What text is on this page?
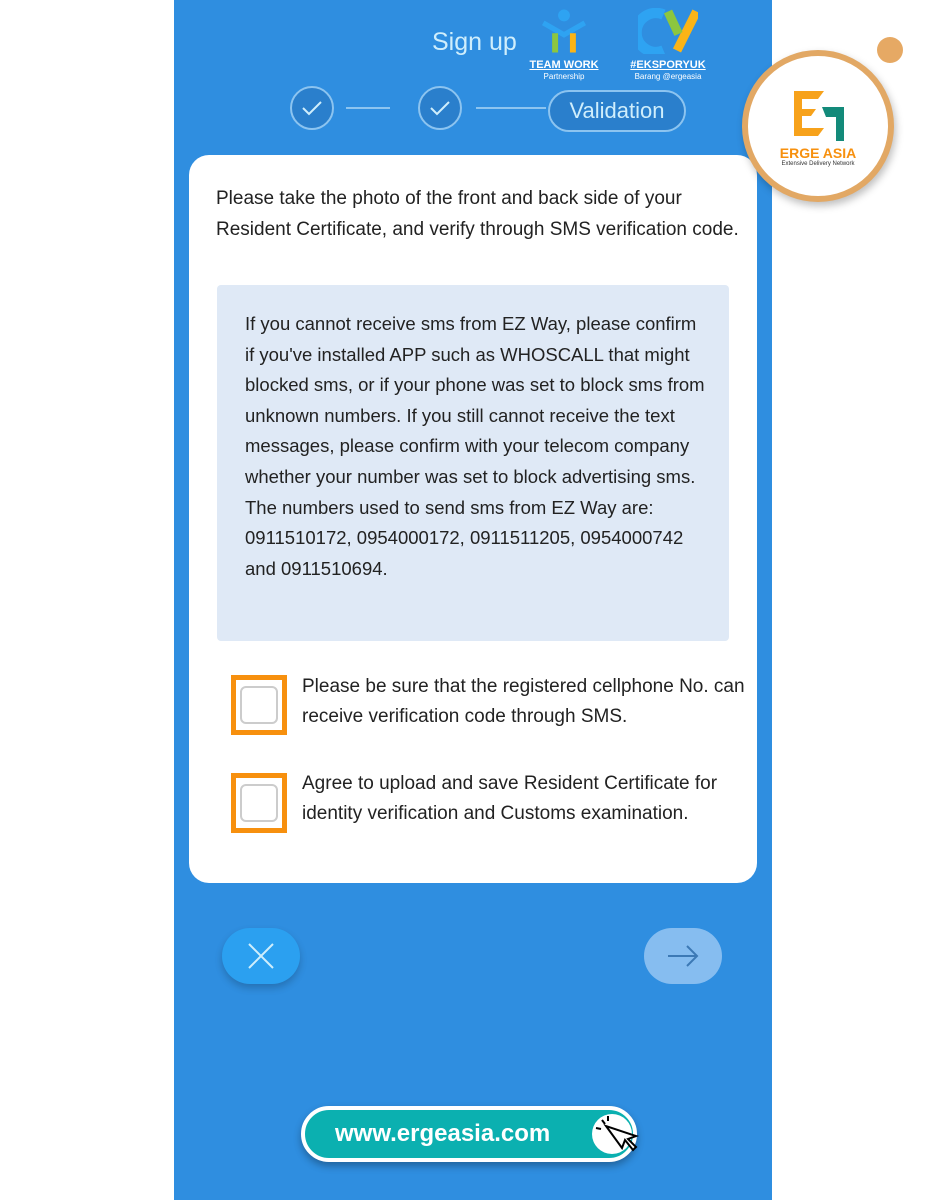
Sign up
Validation
TEAM WORK
Partnership
#EKSPORYUK
Barang @ergeasia
Please take the photo of the front and back side of your Resident Certificate, and verify through SMS verification code.
If you cannot receive sms from EZ Way, please confirm if you've installed APP such as WHOSCALL that might blocked sms, or if your phone was set to block sms from unknown numbers. If you still cannot receive the text messages, please confirm with your telecom company whether your number was set to block advertising sms. The numbers used to send sms from EZ Way are: 0911510172, 0954000172, 0911511205, 0954000742 and 0911510694.
Please be sure that the registered cellphone No. can receive verification code through SMS.
Agree to upload and save Resident Certificate for identity verification and Customs examination.
www.ergeasia.com
ERGE ASIA
Extensive Delivery Network
